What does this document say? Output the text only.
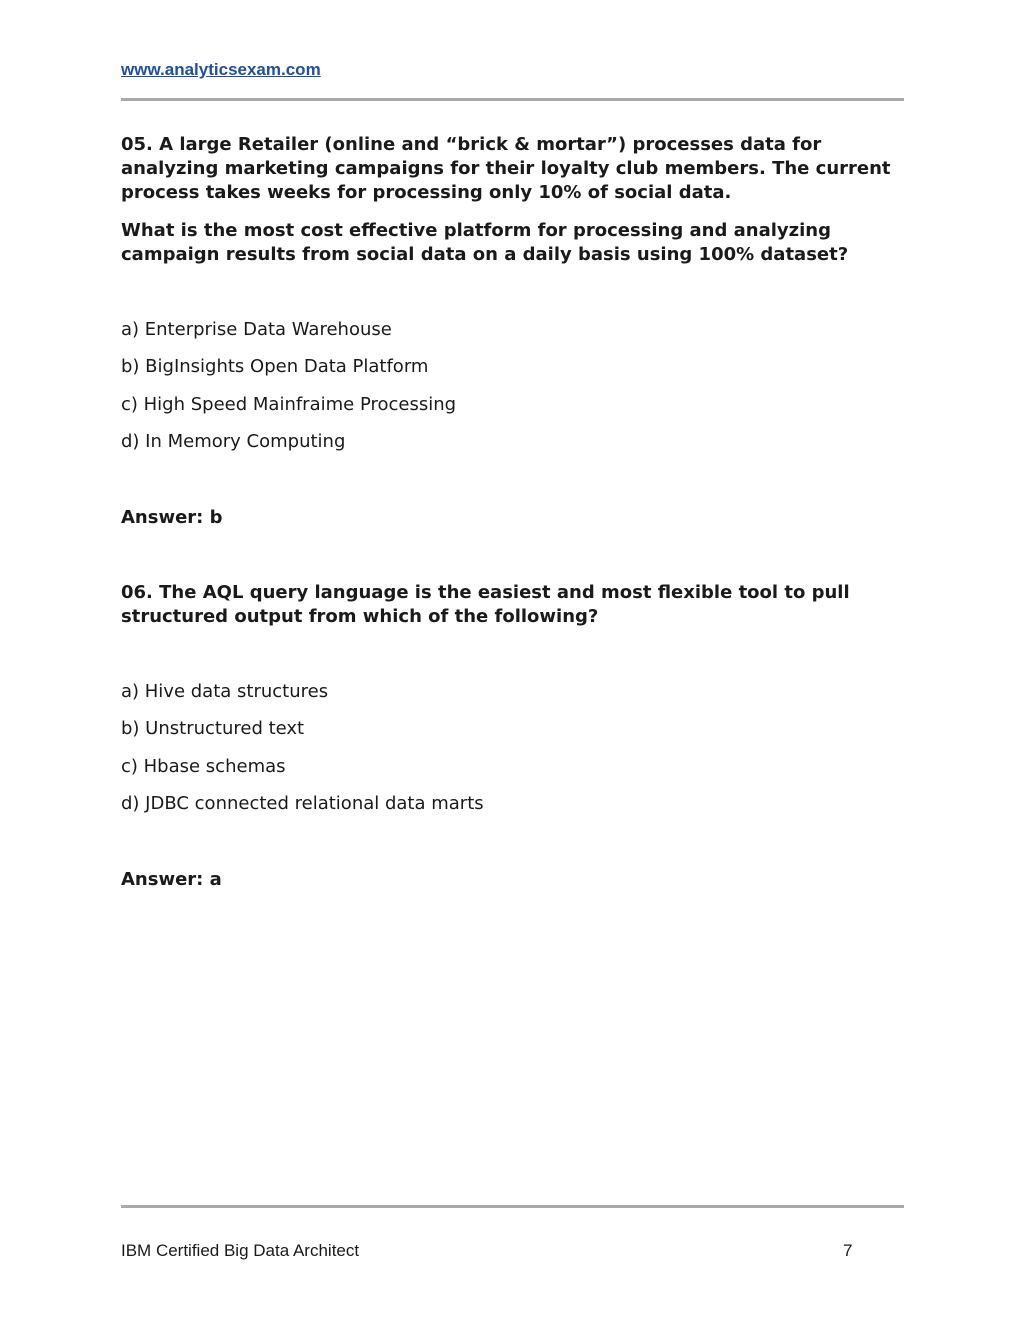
www.analyticsexam.com

05. A large Retailer (online and “brick & mortar”) processes data for analyzing marketing campaigns for their loyalty club members. The current process takes weeks for processing only 10% of social data.

What is the most cost effective platform for processing and analyzing campaign results from social data on a daily basis using 100% dataset?

a) Enterprise Data Warehouse

b) BigInsights Open Data Platform

c) High Speed Mainfraime Processing

d) In Memory Computing

Answer: b

06. The AQL query language is the easiest and most flexible tool to pull structured output from which of the following?

a) Hive data structures

b) Unstructured text

c) Hbase schemas

d) JDBC connected relational data marts

Answer: a

IBM Certified Big Data Architect	7
